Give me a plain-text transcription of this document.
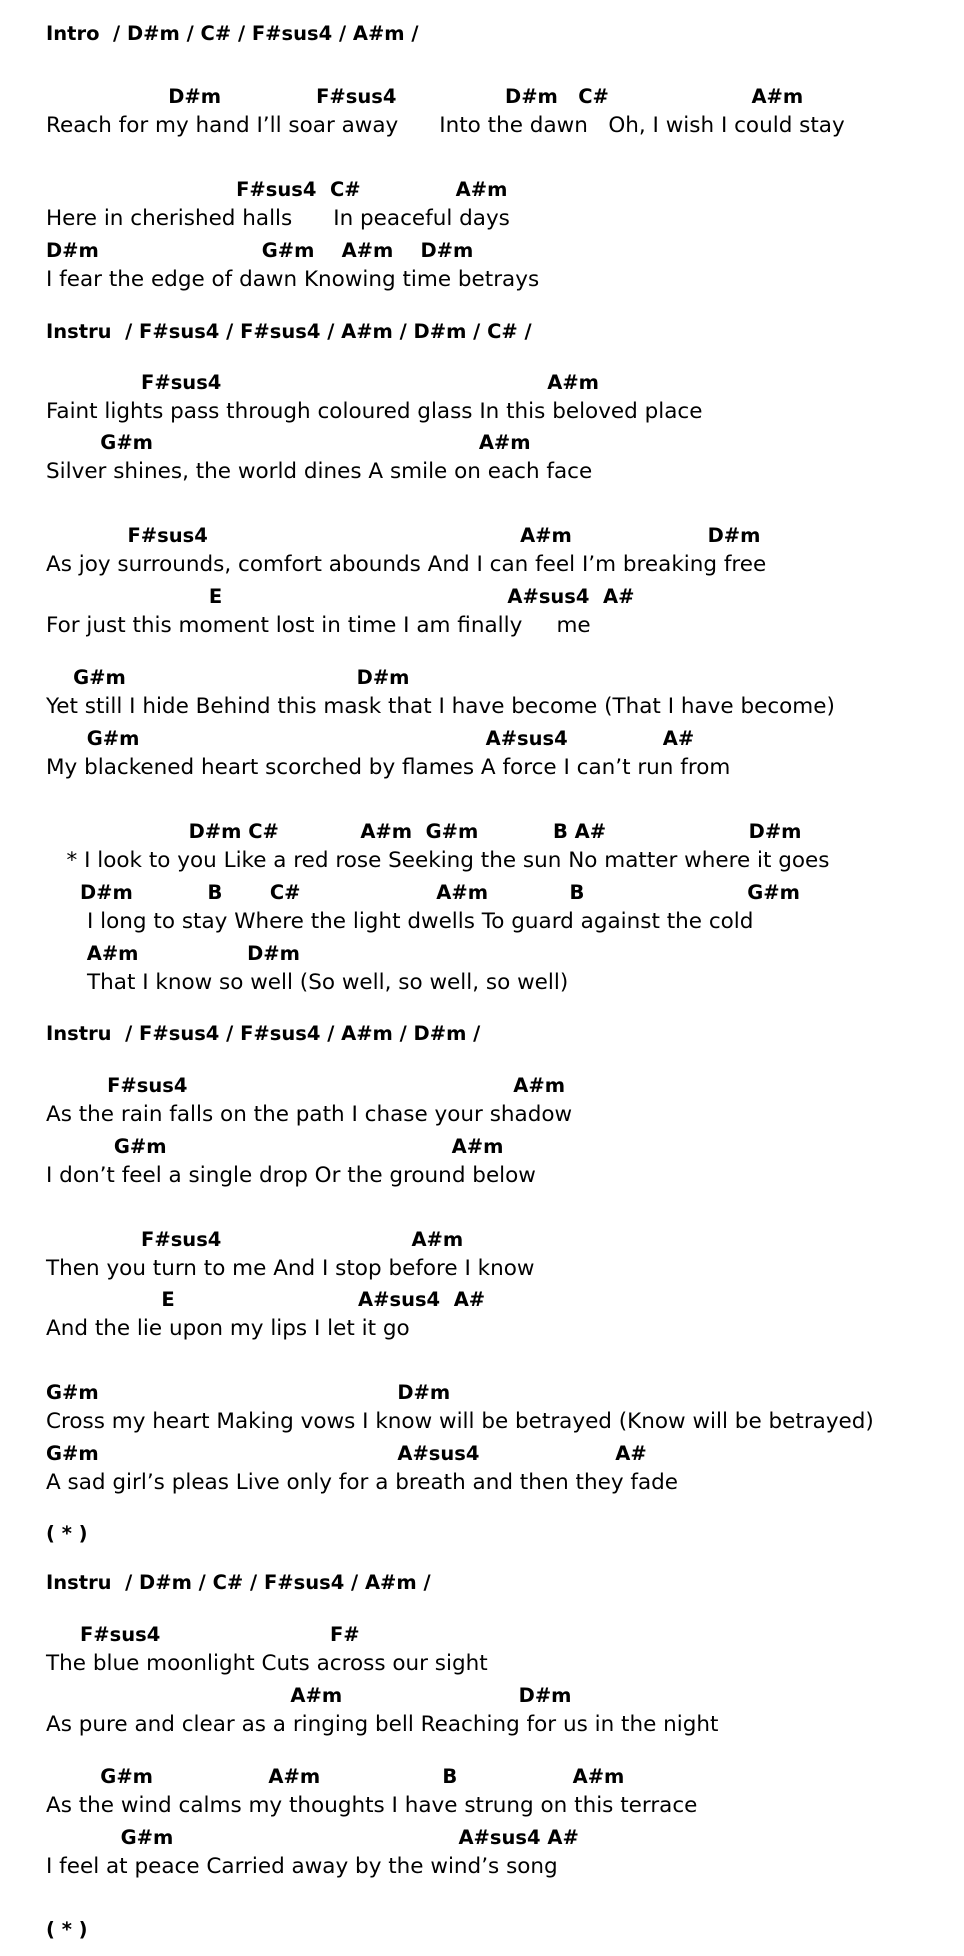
Intro  / D#m / C# / F#sus4 / A#m /
D#m              F#sus4                D#m   C#                     A#m
Reach for my hand I’ll soar away      Into the dawn   Oh, I wish I could stay
F#sus4  C#              A#m
Here in cherished halls      In peaceful days
D#m                        G#m    A#m    D#m
I fear the edge of dawn Knowing time betrays
Instru  / F#sus4 / F#sus4 / A#m / D#m / C# /
F#sus4                                                A#m
Faint lights pass through coloured glass In this beloved place
G#m                                                A#m
Silver shines, the world dines A smile on each face
F#sus4                                              A#m                    D#m
As joy surrounds, comfort abounds And I can feel I’m breaking free
E                                          A#sus4  A#
For just this moment lost in time I am finally     me
G#m                                  D#m
Yet still I hide Behind this mask that I have become (That I have become)
G#m                                                   A#sus4              A#
My blackened heart scorched by flames A force I can’t run from
D#m C#            A#m  G#m           B A#                     D#m
* I look to you Like a red rose Seeking the sun No matter where it goes
D#m           B       C#                    A#m            B                        G#m
I long to stay Where the light dwells To guard against the cold
A#m                D#m
That I know so well (So well, so well, so well)
Instru  / F#sus4 / F#sus4 / A#m / D#m /
F#sus4                                                A#m
As the rain falls on the path I chase your shadow
G#m                                          A#m
I don’t feel a single drop Or the ground below
F#sus4                            A#m
Then you turn to me And I stop before I know
E                           A#sus4  A#
And the lie upon my lips I let it go
G#m                                            D#m
Cross my heart Making vows I know will be betrayed (Know will be betrayed)
G#m                                            A#sus4                    A#
A sad girl’s pleas Live only for a breath and then they fade
( * )
Instru  / D#m / C# / F#sus4 / A#m /
F#sus4                         F#
The blue moonlight Cuts across our sight
A#m                          D#m
As pure and clear as a ringing bell Reaching for us in the night
G#m                 A#m                  B                 A#m
As the wind calms my thoughts I have strung on this terrace
G#m                                          A#sus4 A#
I feel at peace Carried away by the wind’s song
( * )
